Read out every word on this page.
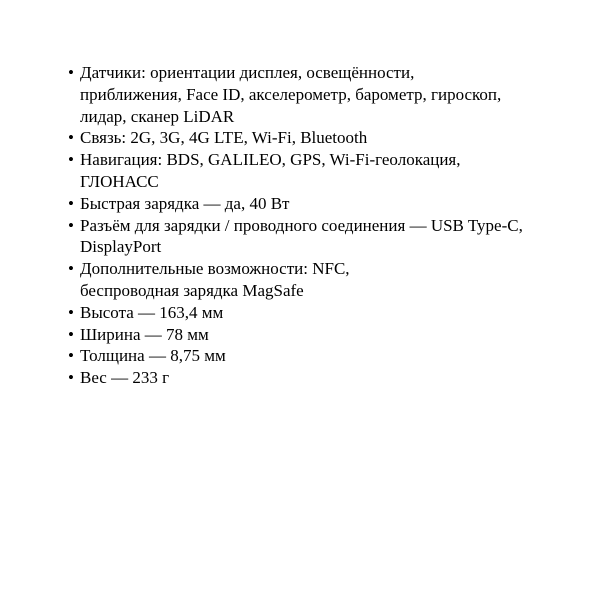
• Датчики: ориентации дисплея, освещённости,
приближения, Face ID, акселерометр, барометр, гироскоп,
лидар, сканер LiDAR
• Связь: 2G, 3G, 4G LTE, Wi-Fi, Bluetooth
• Навигация: BDS, GALILEO, GPS, Wi-Fi-геолокация,
ГЛОНАСС
• Быстрая зарядка — да, 40 Вт
• Разъём для зарядки / проводного соединения — USB Type-C,
DisplayPort
• Дополнительные возможности: NFC,
беспроводная зарядка MagSafe
• Высота — 163,4 мм
• Ширина — 78 мм
• Толщина — 8,75 мм
• Вес — 233 г
